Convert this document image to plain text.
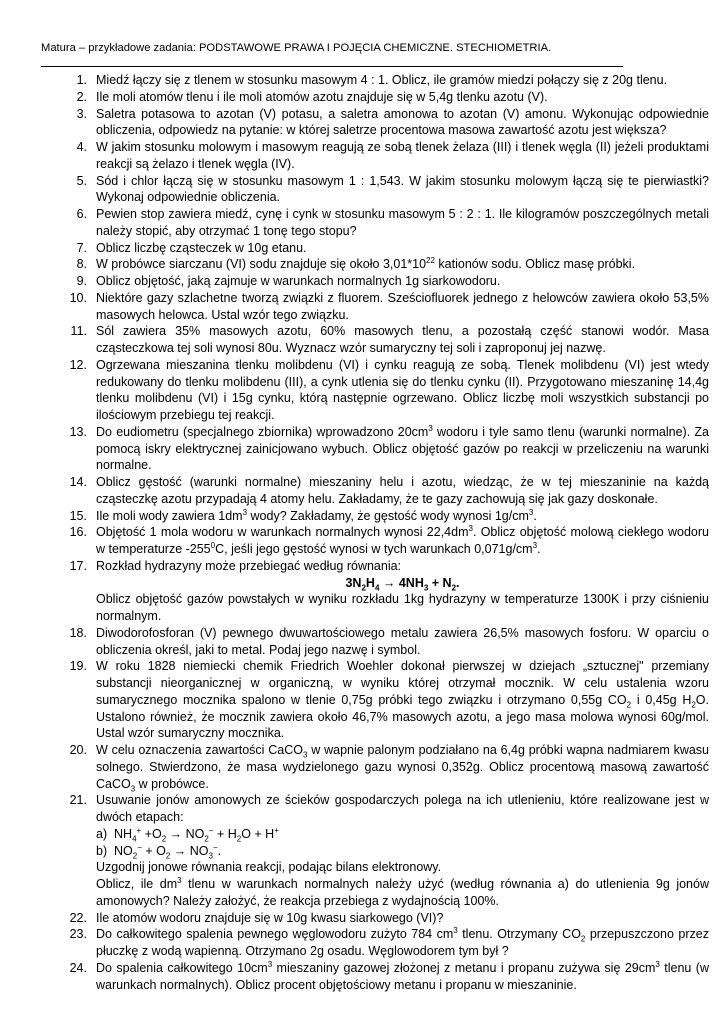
Matura – przykładowe zadania: PODSTAWOWE PRAWA I POJĘCIA CHEMICZNE. STECHIOMETRIA.
1. Miedź łączy się z tlenem w stosunku masowym 4 : 1. Oblicz, ile gramów miedzi połączy się z 20g tlenu.
2. Ile moli atomów tlenu i ile moli atomów azotu znajduje się w 5,4g tlenku azotu (V).
3. Saletra potasowa to azotan (V) potasu, a saletra amonowa to azotan (V) amonu. Wykonując odpowiednie obliczenia, odpowiedz na pytanie: w której saletrze procentowa masowa zawartość azotu jest większa?
4. W jakim stosunku molowym i masowym reagują ze sobą tlenek żelaza (III) i tlenek węgla (II) jeżeli produktami reakcji są żelazo i tlenek węgla (IV).
5. Sód i chlor łączą się w stosunku masowym 1 : 1,543. W jakim stosunku molowym łączą się te pierwiastki? Wykonaj odpowiednie obliczenia.
6. Pewien stop zawiera miedź, cynę i cynk w stosunku masowym 5 : 2 : 1. Ile kilogramów poszczególnych metali należy stopić, aby otrzymać 1 tonę tego stopu?
7. Oblicz liczbę cząsteczek w 10g etanu.
8. W probówce siarczanu (VI) sodu znajduje się około $3,01*10^{22}$ kationów sodu. Oblicz masę próbki.
9. Oblicz objętość, jaką zajmuje w warunkach normalnych 1g siarkowodoru.
10. Niektóre gazy szlachetne tworzą związki z fluorem. Sześciofluorek jednego z helowców zawiera około 53,5% masowych helowca. Ustal wzór tego związku.
11. Sól zawiera 35% masowych azotu, 60% masowych tlenu, a pozostałą część stanowi wodór. Masa cząsteczkowa tej soli wynosi 80u. Wyznacz wzór sumaryczny tej soli i zaproponuj jej nazwę.
12. Ogrzewana mieszanina tlenku molibdenu (VI) i cynku reagują ze sobą. Tlenek molibdenu (VI) jest wtedy redukowany do tlenku molibdenu (III), a cynk utlenia się do tlenku cynku (II). Przygotowano mieszaninę 14,4g tlenku molibdenu (VI) i 15g cynku, którą następnie ogrzewano. Oblicz liczbę moli wszystkich substancji po ilościowym przebiegu tej reakcji.
13. Do eudiometru (specjalnego zbiornika) wprowadzono $20cm^3$ wodoru i tyle samo tlenu (warunki normalne). Za pomocą iskry elektrycznej zainicjowano wybuch. Oblicz objętość gazów po reakcji w przeliczeniu na warunki normalne.
14. Oblicz gęstość (warunki normalne) mieszaniny helu i azotu, wiedząc, że w tej mieszaninie na każdą cząsteczkę azotu przypadają 4 atomy helu. Zakładamy, że te gazy zachowują się jak gazy doskonałe.
15. Ile moli wody zawiera $1dm^3$ wody? Zakładamy, że gęstość wody wynosi $1g/cm^3$.
16. Objętość 1 mola wodoru w warunkach normalnych wynosi $22,4dm^3$. Oblicz objętość molową ciekłego wodoru w temperaturze $-255^0C$, jeśli jego gęstość wynosi w tych warunkach $0,071g/cm^3$.
17. Rozkład hydrazyny może przebiegać według równania:
$3N_2H_4 \to 4NH_3 + N_2$.
Oblicz objętość gazów powstałych w wyniku rozkładu 1kg hydrazyny w temperaturze 1300K i przy ciśnieniu normalnym.
18. Diwodorofosforan (V) pewnego dwuwartościowego metalu zawiera 26,5% masowych fosforu. W oparciu o obliczenia określ, jaki to metal. Podaj jego nazwę i symbol.
19. W roku 1828 niemiecki chemik Friedrich Woehler dokonał pierwszej w dziejach „sztucznej" przemiany substancji nieorganicznej w organiczną, w wyniku której otrzymał mocznik. W celu ustalenia wzoru sumarycznego mocznika spalono w tlenie 0,75g próbki tego związku i otrzymano 0,55g $CO_2$ i 0,45g $H_2O$. Ustalono również, że mocznik zawiera około 46,7% masowych azotu, a jego masa molowa wynosi 60g/mol. Ustal wzór sumaryczny mocznika.
20. W celu oznaczenia zawartości CaCO$_3$ w wapnie palonym podziałano na 6,4g próbki wapna nadmiarem kwasu solnego. Stwierdzono, że masa wydzielonego gazu wynosi 0,352g. Oblicz procentową masową zawartość CaCO$_3$ w probówce.
21. Usuwanie jonów amonowych ze ścieków gospodarczych polega na ich utlenieniu, które realizowane jest w dwóch etapach:
a) $NH_4^+ +O_2 \to NO_2^- + H_2O + H^+$
b) $NO_2^- + O_2 \to NO_3^-$.
Uzgodnij jonowe równania reakcji, podając bilans elektronowy.
Oblicz, ile $dm^3$ tlenu w warunkach normalnych należy użyć (według równania a) do utlenienia 9g jonów amonowych? Należy założyć, że reakcja przebiega z wydajnością 100%.
22. Ile atomów wodoru znajduje się w 10g kwasu siarkowego (VI)?
23. Do całkowitego spalenia pewnego węglowodoru zużyto 784 $cm^3$ tlenu. Otrzymany $CO_2$ przepuszczono przez płuczkę z wodą wapienną. Otrzymano 2g osadu. Węglowodorem tym był ?
24. Do spalenia całkowitego $10cm^3$ mieszaniny gazowej złożonej z metanu i propanu zużywa się $29cm^3$ tlenu (w warunkach normalnych). Oblicz procent objętościowy metanu i propanu w mieszaninie.
